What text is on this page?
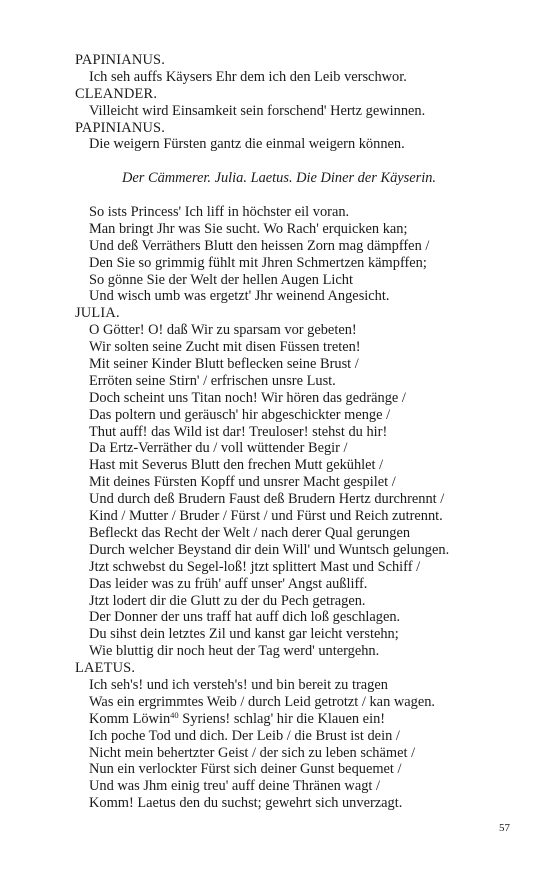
PAPINIANUS.
Ich seh auffs Käysers Ehr dem ich den Leib verschwor.
CLEANDER.
Villeicht wird Einsamkeit sein forschend' Hertz gewinnen.
PAPINIANUS.
Die weigern Fürsten gantz die einmal weigern können.
Der Cämmerer. Julia. Laetus. Die Diner der Käyserin.
So ists Princess' Ich liff in höchster eil voran.
Man bringt Jhr was Sie sucht. Wo Rach' erquicken kan;
Und deß Verräthers Blutt den heissen Zorn mag dämpffen /
Den Sie so grimmig fühlt mit Jhren Schmertzen kämpffen;
So gönne Sie der Welt der hellen Augen Licht
Und wisch umb was ergetzt' Jhr weinend Angesicht.
JULIA.
O Götter! O! daß Wir zu sparsam vor gebeten!
Wir solten seine Zucht mit disen Füssen treten!
Mit seiner Kinder Blutt beflecken seine Brust /
Erröten seine Stirn' / erfrischen unsre Lust.
Doch scheint uns Titan noch! Wir hören das gedränge /
Das poltern und geräusch' hir abgeschickter menge /
Thut auff! das Wild ist dar! Treuloser! stehst du hir!
Da Ertz-Verräther du / voll wüttender Begir /
Hast mit Severus Blutt den frechen Mutt gekühlet /
Mit deines Fürsten Kopff und unsrer Macht gespilet /
Und durch deß Brudern Faust deß Brudern Hertz durchrennt /
Kind / Mutter / Bruder / Fürst / und Fürst und Reich zutrennt.
Befleckt das Recht der Welt / nach derer Qual gerungen
Durch welcher Beystand dir dein Will' und Wuntsch gelungen.
Jtzt schwebst du Segel-loß! jtzt splittert Mast und Schiff /
Das leider was zu früh' auff unser' Angst außliff.
Jtzt lodert dir die Glutt zu der du Pech getragen.
Der Donner der uns traff hat auff dich loß geschlagen.
Du sihst dein letztes Zil und kanst gar leicht verstehn;
Wie bluttig dir noch heut der Tag werd' untergehn.
LAETUS.
Ich seh's! und ich versteh's! und bin bereit zu tragen
Was ein ergrimmtes Weib / durch Leid getrotzt / kan wagen.
Komm Löwin$^{40}$ Syriens! schlag' hir die Klauen ein!
Ich poche Tod und dich. Der Leib / die Brust ist dein /
Nicht mein behertzter Geist / der sich zu leben schämet /
Nun ein verlockter Fürst sich deiner Gunst bequemet /
Und was Jhm einig treu' auff deine Thränen wagt /
Komm! Laetus den du suchst; gewehrt sich unverzagt.
57
